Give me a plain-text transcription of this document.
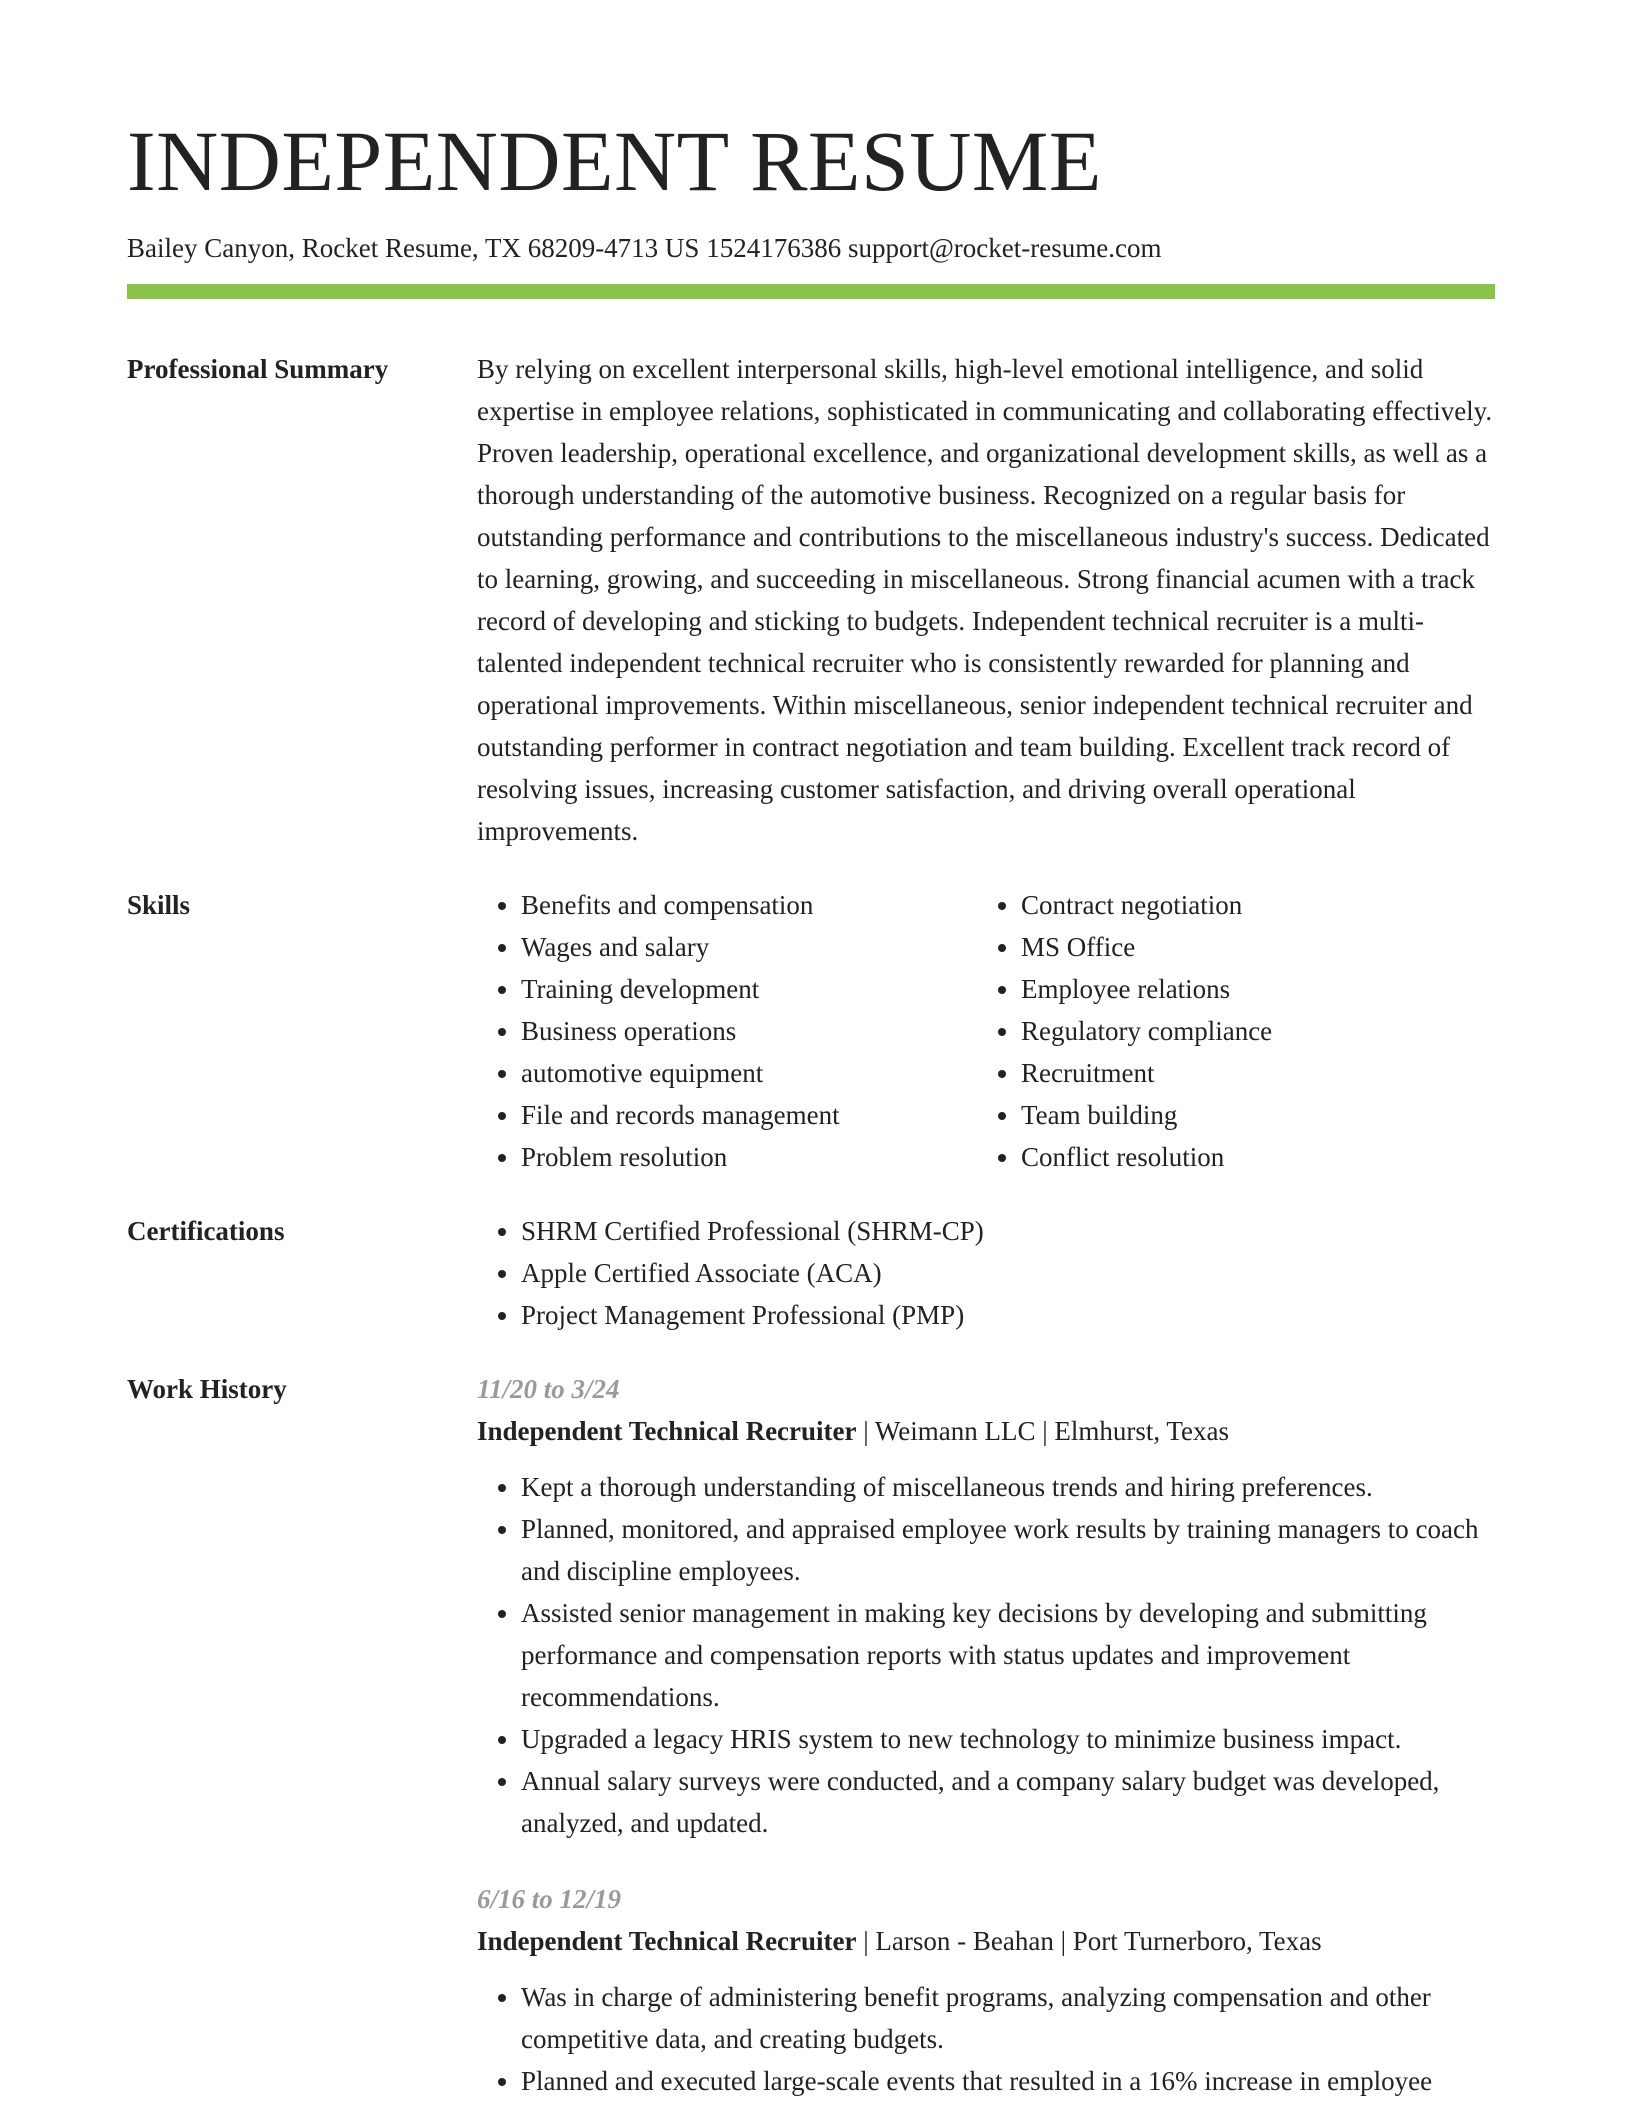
INDEPENDENT RESUME
Bailey Canyon, Rocket Resume, TX 68209-4713 US 1524176386 support@rocket-resume.com
Professional Summary	By relying on excellent interpersonal skills, high-level emotional intelligence, and solid expertise in employee relations, sophisticated in communicating and collaborating effectively. Proven leadership, operational excellence, and organizational development skills, as well as a thorough understanding of the automotive business. Recognized on a regular basis for outstanding performance and contributions to the miscellaneous industry's success. Dedicated to learning, growing, and succeeding in miscellaneous. Strong financial acumen with a track record of developing and sticking to budgets. Independent technical recruiter is a multi-talented independent technical recruiter who is consistently rewarded for planning and operational improvements. Within miscellaneous, senior independent technical recruiter and outstanding performer in contract negotiation and team building. Excellent track record of resolving issues, increasing customer satisfaction, and driving overall operational improvements.

Skills	• Benefits and compensation
• Wages and salary
• Training development
• Business operations
• automotive equipment
• File and records management
• Problem resolution
• Contract negotiation
• MS Office
• Employee relations
• Regulatory compliance
• Recruitment
• Team building
• Conflict resolution
Certifications	• SHRM Certified Professional (SHRM-CP)
• Apple Certified Associate (ACA)
• Project Management Professional (PMP)
Work History	11/20 to 3/24
Independent Technical Recruiter | Weimann LLC | Elmhurst, Texas
• Kept a thorough understanding of miscellaneous trends and hiring preferences.
• Planned, monitored, and appraised employee work results by training managers to coach and discipline employees.
• Assisted senior management in making key decisions by developing and submitting performance and compensation reports with status updates and improvement recommendations.
• Upgraded a legacy HRIS system to new technology to minimize business impact.
• Annual salary surveys were conducted, and a company salary budget was developed, analyzed, and updated.
6/16 to 12/19
Independent Technical Recruiter | Larson - Beahan | Port Turnerboro, Texas
• Was in charge of administering benefit programs, analyzing compensation and other competitive data, and creating budgets.
• Planned and executed large-scale events that resulted in a 16% increase in employee
